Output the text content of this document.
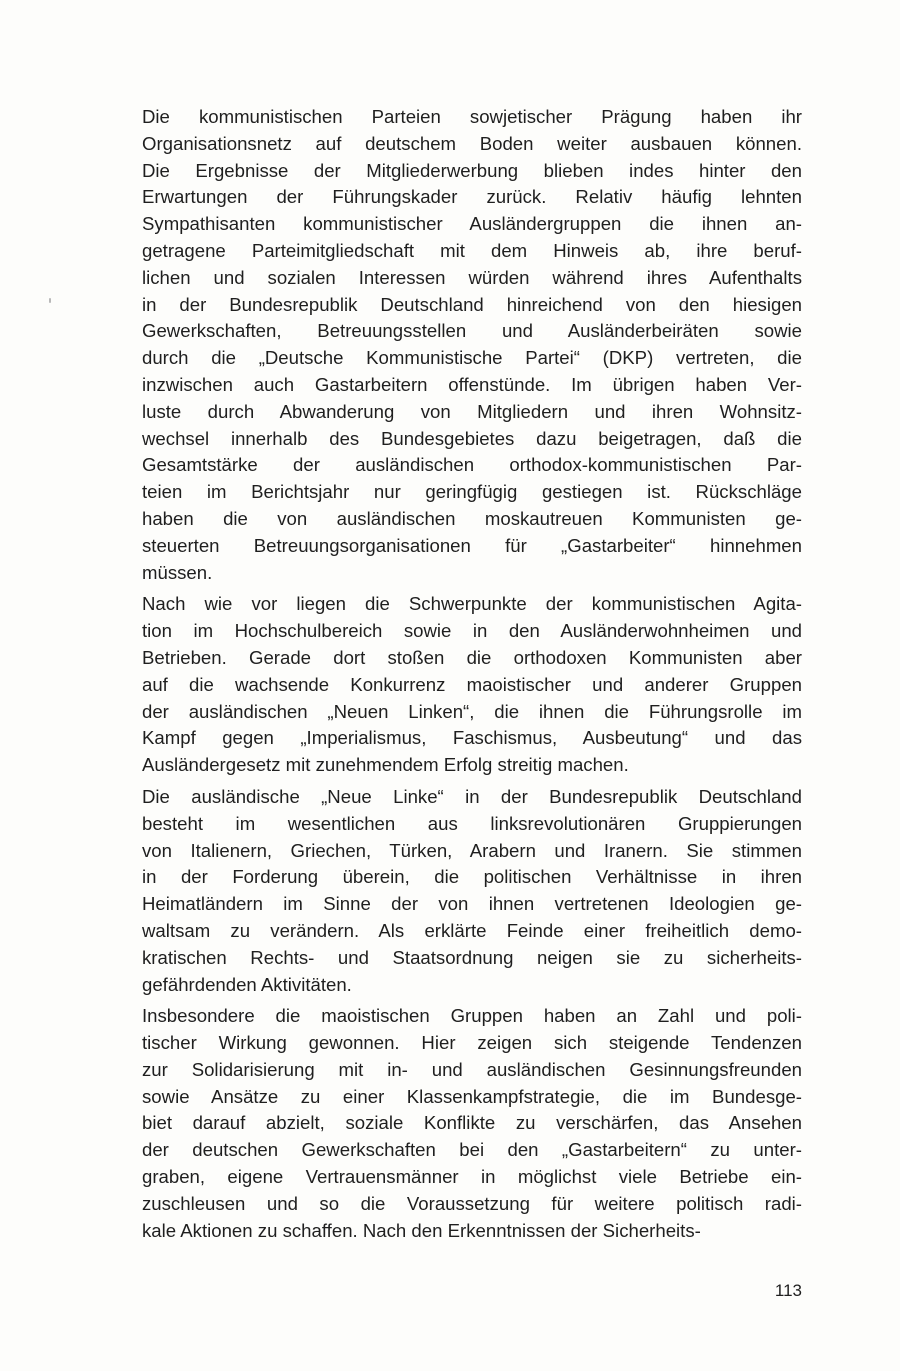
Die kommunistischen Parteien sowjetischer Prägung haben ihr
Organisationsnetz auf deutschem Boden weiter ausbauen können.
Die Ergebnisse der Mitgliederwerbung blieben indes hinter den
Erwartungen der Führungskader zurück. Relativ häufig lehnten
Sympathisanten kommunistischer Ausländergruppen die ihnen an-
getragene Parteimitgliedschaft mit dem Hinweis ab, ihre beruf-
lichen und sozialen Interessen würden während ihres Aufenthalts
in der Bundesrepublik Deutschland hinreichend von den hiesigen
Gewerkschaften, Betreuungsstellen und Ausländerbeiräten sowie
durch die „Deutsche Kommunistische Partei“ (DKP) vertreten, die
inzwischen auch Gastarbeitern offenstünde. Im übrigen haben Ver-
luste durch Abwanderung von Mitgliedern und ihren Wohnsitz-
wechsel innerhalb des Bundesgebietes dazu beigetragen, daß die
Gesamtstärke der ausländischen orthodox-kommunistischen Par-
teien im Berichtsjahr nur geringfügig gestiegen ist. Rückschläge
haben die von ausländischen moskautreuen Kommunisten ge-
steuerten Betreuungsorganisationen für „Gastarbeiter“ hinnehmen
müssen.
Nach wie vor liegen die Schwerpunkte der kommunistischen Agita-
tion im Hochschulbereich sowie in den Ausländerwohnheimen und
Betrieben. Gerade dort stoßen die orthodoxen Kommunisten aber
auf die wachsende Konkurrenz maoistischer und anderer Gruppen
der ausländischen „Neuen Linken“, die ihnen die Führungsrolle im
Kampf gegen „Imperialismus, Faschismus, Ausbeutung“ und das
Ausländergesetz mit zunehmendem Erfolg streitig machen.
Die ausländische „Neue Linke“ in der Bundesrepublik Deutschland
besteht im wesentlichen aus linksrevolutionären Gruppierungen
von Italienern, Griechen, Türken, Arabern und Iranern. Sie stimmen
in der Forderung überein, die politischen Verhältnisse in ihren
Heimatländern im Sinne der von ihnen vertretenen Ideologien ge-
waltsam zu verändern. Als erklärte Feinde einer freiheitlich demo-
kratischen Rechts- und Staatsordnung neigen sie zu sicherheits-
gefährdenden Aktivitäten.
Insbesondere die maoistischen Gruppen haben an Zahl und poli-
tischer Wirkung gewonnen. Hier zeigen sich steigende Tendenzen
zur Solidarisierung mit in- und ausländischen Gesinnungsfreunden
sowie Ansätze zu einer Klassenkampfstrategie, die im Bundesge-
biet darauf abzielt, soziale Konflikte zu verschärfen, das Ansehen
der deutschen Gewerkschaften bei den „Gastarbeitern“ zu unter-
graben, eigene Vertrauensmänner in möglichst viele Betriebe ein-
zuschleusen und so die Voraussetzung für weitere politisch radi-
kale Aktionen zu schaffen. Nach den Erkenntnissen der Sicherheits-
113
